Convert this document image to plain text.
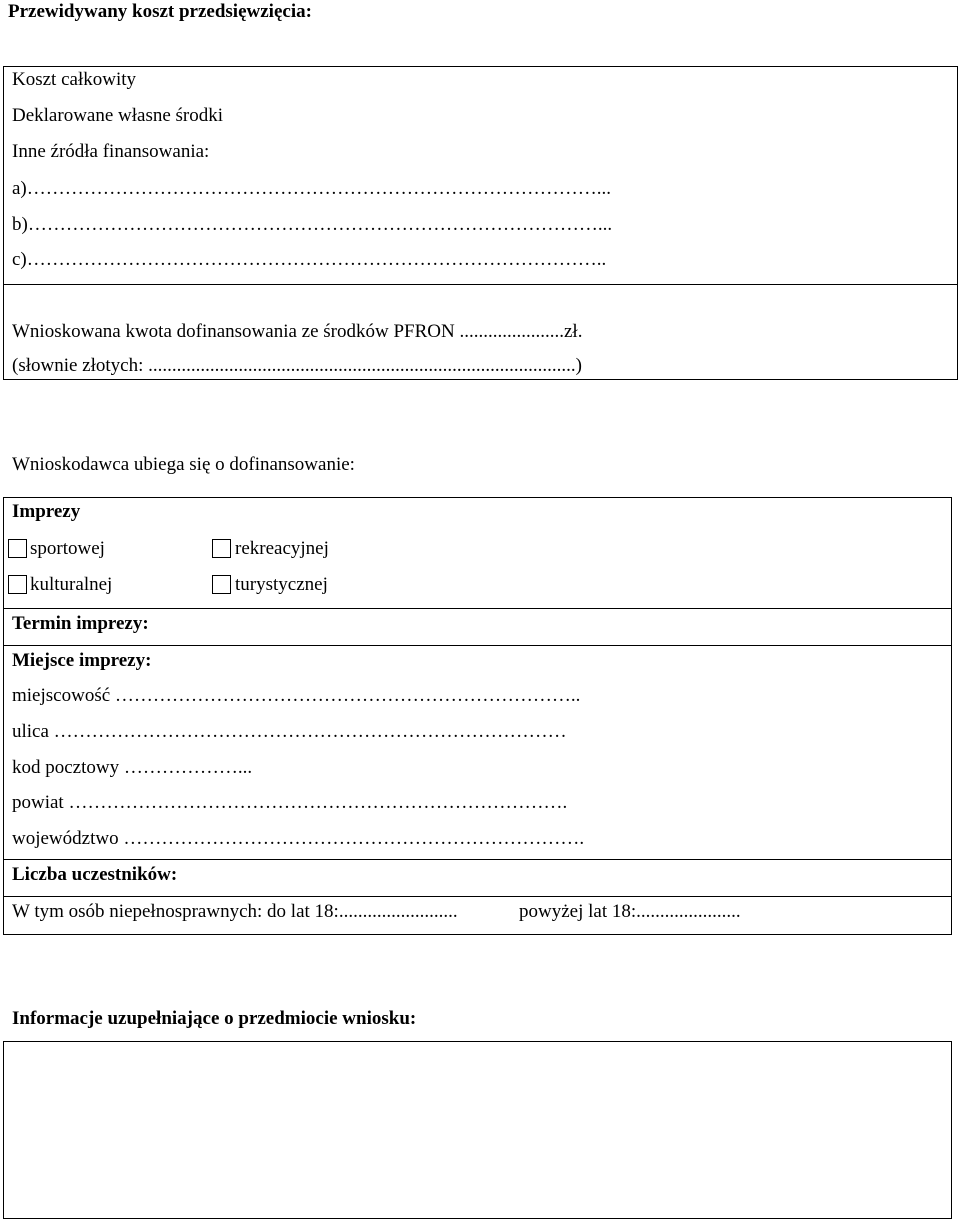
Przewidywany koszt przedsięwzięcia:
Koszt całkowity
Deklarowane własne środki
Inne źródła finansowania:
a)………………………………………………………………………………...
b)………………………………………………………………………………...
c)………………………………………………………………………………..
Wnioskowana kwota dofinansowania ze środków PFRON ......................zł.
(słownie złotych: ..........................................................................................)
Wnioskodawca ubiega się o dofinansowanie:
Imprezy
sportowej	rekreacyjnej
kulturalnej	turystycznej
Termin imprezy:
Miejsce imprezy:
miejscowość ………………………………………………………………..
ulica ………………………………………………………………………
kod pocztowy ………………...
powiat …………………………………………………………………….
województwo ……………………………………………………………….
Liczba uczestników:
W tym osób niepełnosprawnych: do lat 18:.........................	powyżej lat 18:......................
Informacje uzupełniające o przedmiocie wniosku:
